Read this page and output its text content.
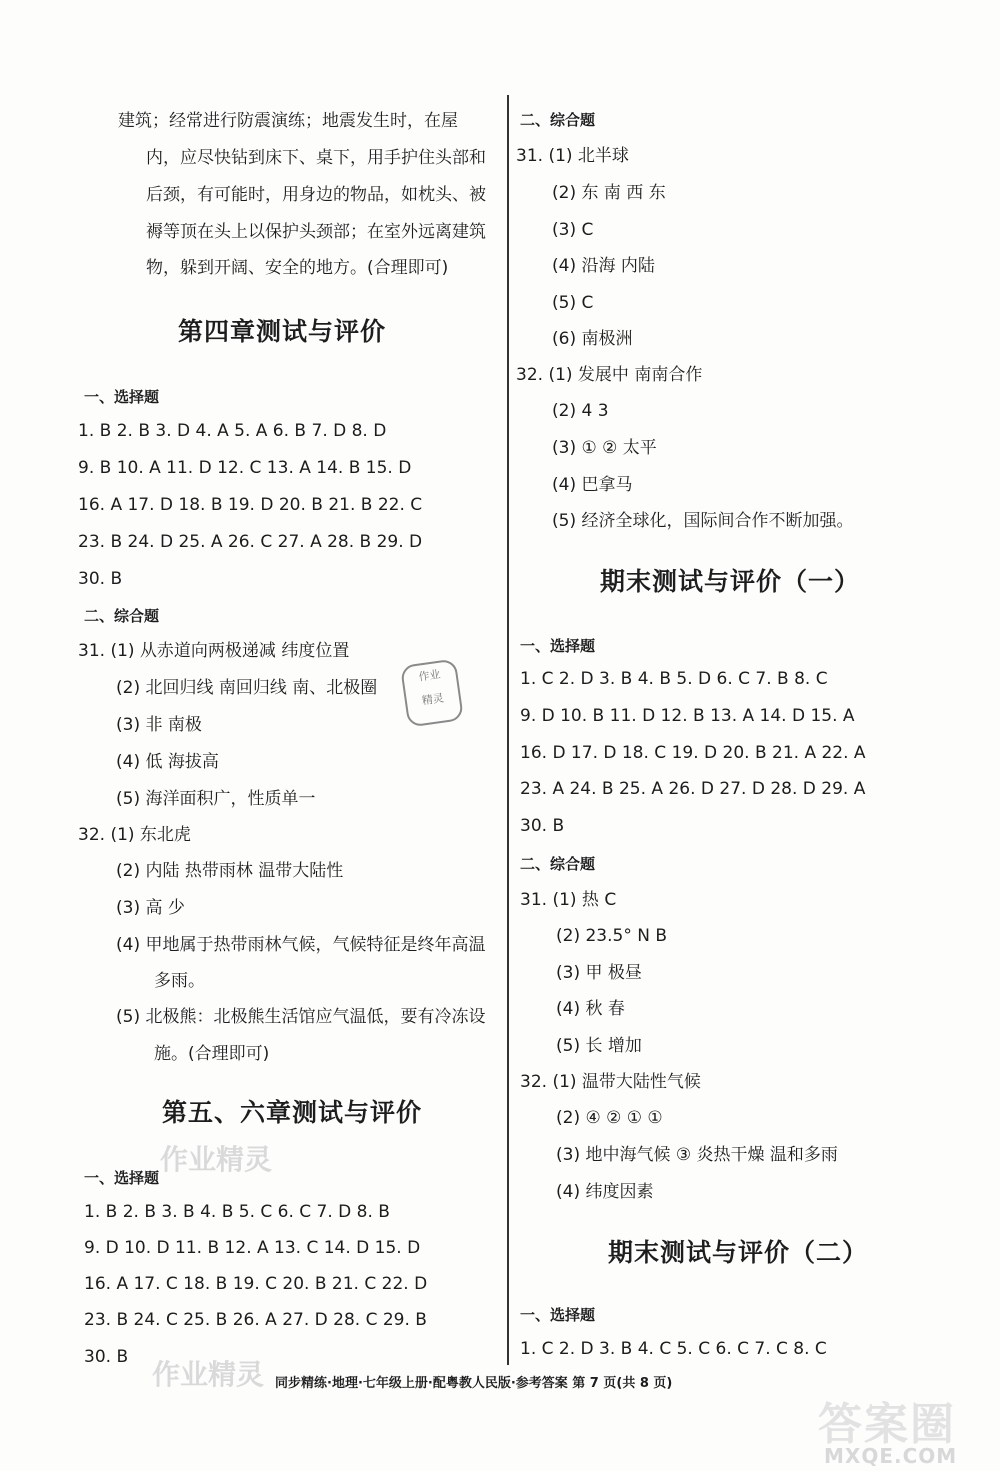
建筑；经常进行防震演练；地震发生时，在屋
内，应尽快钻到床下、桌下，用手护住头部和
后颈，有可能时，用身边的物品，如枕头、被
褥等顶在头上以保护头颈部；在室外远离建筑
物，躲到开阔、安全的地方。(合理即可)
第四章测试与评价
一、选择题
1. B 2. B 3. D 4. A 5. A 6. B 7. D 8. D
9. B 10. A 11. D 12. C 13. A 14. B 15. D
16. A 17. D 18. B 19. D 20. B 21. B 22. C
23. B 24. D 25. A 26. C 27. A 28. B 29. D
30. B
二、综合题
31. (1) 从赤道向两极递减 纬度位置
(2) 北回归线 南回归线 南、北极圈
(3) 非 南极
(4) 低 海拔高
(5) 海洋面积广，性质单一
32. (1) 东北虎
(2) 内陆 热带雨林 温带大陆性
(3) 高 少
(4) 甲地属于热带雨林气候，气候特征是终年高温
多雨。
(5) 北极熊：北极熊生活馆应气温低，要有冷冻设
施。(合理即可)
作业
精灵
第五、六章测试与评价
作业精灵
一、选择题
1. B 2. B 3. B 4. B 5. C 6. C 7. D 8. B
9. D 10. D 11. B 12. A 13. C 14. D 15. D
16. A 17. C 18. B 19. C 20. B 21. C 22. D
23. B 24. C 25. B 26. A 27. D 28. C 29. B
30. B
作业精灵
二、综合题
31. (1) 北半球
(2) 东 南 西 东
(3) C
(4) 沿海 内陆
(5) C
(6) 南极洲
32. (1) 发展中 南南合作
(2) 4 3
(3) ① ② 太平
(4) 巴拿马
(5) 经济全球化，国际间合作不断加强。
期末测试与评价（一）
一、选择题
1. C 2. D 3. B 4. B 5. D 6. C 7. B 8. C
9. D 10. B 11. D 12. B 13. A 14. D 15. A
16. D 17. D 18. C 19. D 20. B 21. A 22. A
23. A 24. B 25. A 26. D 27. D 28. D 29. A
30. B
二、综合题
31. (1) 热 C
(2) 23.5° N B
(3) 甲 极昼
(4) 秋 春
(5) 长 增加
32. (1) 温带大陆性气候
(2) ④ ② ① ①
(3) 地中海气候 ③ 炎热干燥 温和多雨
(4) 纬度因素
期末测试与评价（二）
一、选择题
1. C 2. D 3. B 4. C 5. C 6. C 7. C 8. C
同步精练·地理·七年级上册·配粤教人民版·参考答案 第 7 页(共 8 页)
答案圈
MXQE.COM
